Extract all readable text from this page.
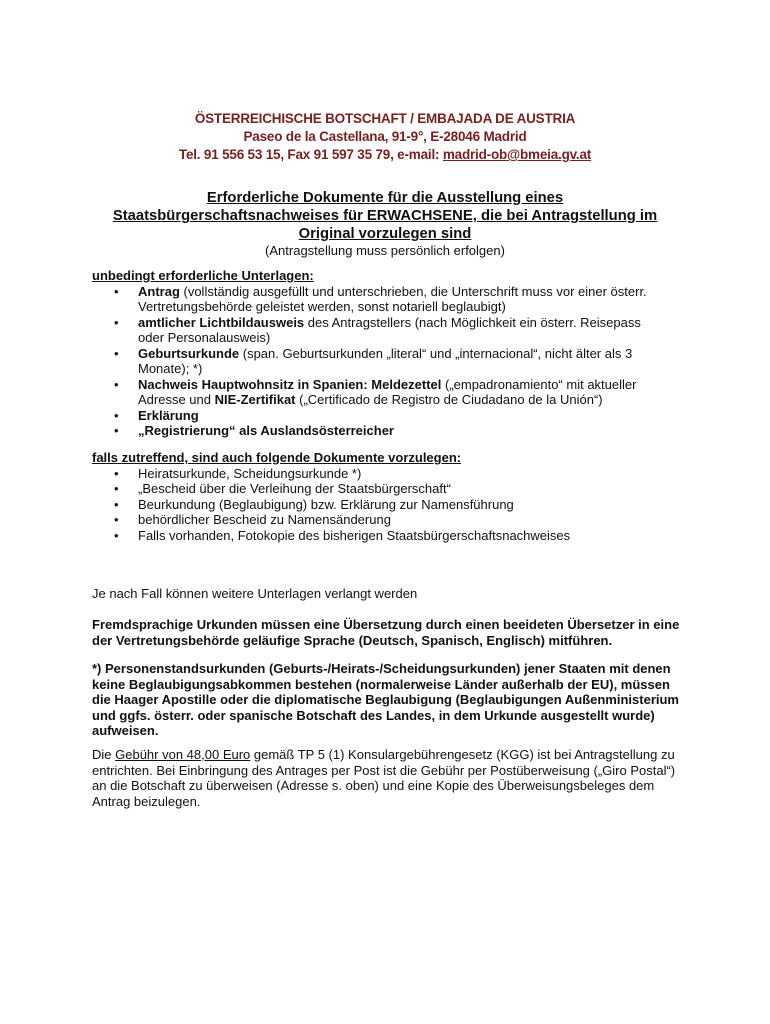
ÖSTERREICHISCHE BOTSCHAFT / EMBAJADA DE AUSTRIA
Paseo de la Castellana, 91-9°, E-28046 Madrid
Tel. 91 556 53 15, Fax 91 597 35 79, e-mail: madrid-ob@bmeia.gv.at
Erforderliche Dokumente für die Ausstellung eines
Staatsbürgerschaftsnachweises für ERWACHSENE, die bei Antragstellung im
Original vorzulegen sind
(Antragstellung muss persönlich erfolgen)
unbedingt erforderliche Unterlagen:
• Antrag (vollständig ausgefüllt und unterschrieben, die Unterschrift muss vor einer österr.
Vertretungsbehörde geleistet werden, sonst notariell beglaubigt)
• amtlicher Lichtbildausweis des Antragstellers (nach Möglichkeit ein österr. Reisepass
oder Personalausweis)
• Geburtsurkunde (span. Geburtsurkunden „literal“ und „internacional“, nicht älter als 3
Monate); *)
• Nachweis Hauptwohnsitz in Spanien: Meldezettel („empadronamiento“ mit aktueller
Adresse und NIE-Zertifikat („Certificado de Registro de Ciudadano de la Unión“)
• Erklärung
• „Registrierung“ als Auslandsösterreicher
falls zutreffend, sind auch folgende Dokumente vorzulegen:
• Heiratsurkunde, Scheidungsurkunde *)
• „Bescheid über die Verleihung der Staatsbürgerschaft“
• Beurkundung (Beglaubigung) bzw. Erklärung zur Namensführung
• behördlicher Bescheid zu Namensänderung
• Falls vorhanden, Fotokopie des bisherigen Staatsbürgerschaftsnachweises
Je nach Fall können weitere Unterlagen verlangt werden
Fremdsprachige Urkunden müssen eine Übersetzung durch einen beeideten Übersetzer in eine der Vertretungsbehörde geläufige Sprache (Deutsch, Spanisch, Englisch) mitführen.
*) Personenstandsurkunden (Geburts-/Heirats-/Scheidungsurkunden) jener Staaten mit denen keine Beglaubigungsabkommen bestehen (normalerweise Länder außerhalb der EU), müssen die Haager Apostille oder die diplomatische Beglaubigung (Beglaubigungen Außenministerium und ggfs. österr. oder spanische Botschaft des Landes, in dem Urkunde ausgestellt wurde) aufweisen.
Die Gebühr von 48,00 Euro gemäß TP 5 (1) Konsulargebührengesetz (KGG) ist bei Antragstellung zu entrichten. Bei Einbringung des Antrages per Post ist die Gebühr per Postüberweisung („Giro Postal“) an die Botschaft zu überweisen (Adresse s. oben) und eine Kopie des Überweisungsbeleges dem Antrag beizulegen.
